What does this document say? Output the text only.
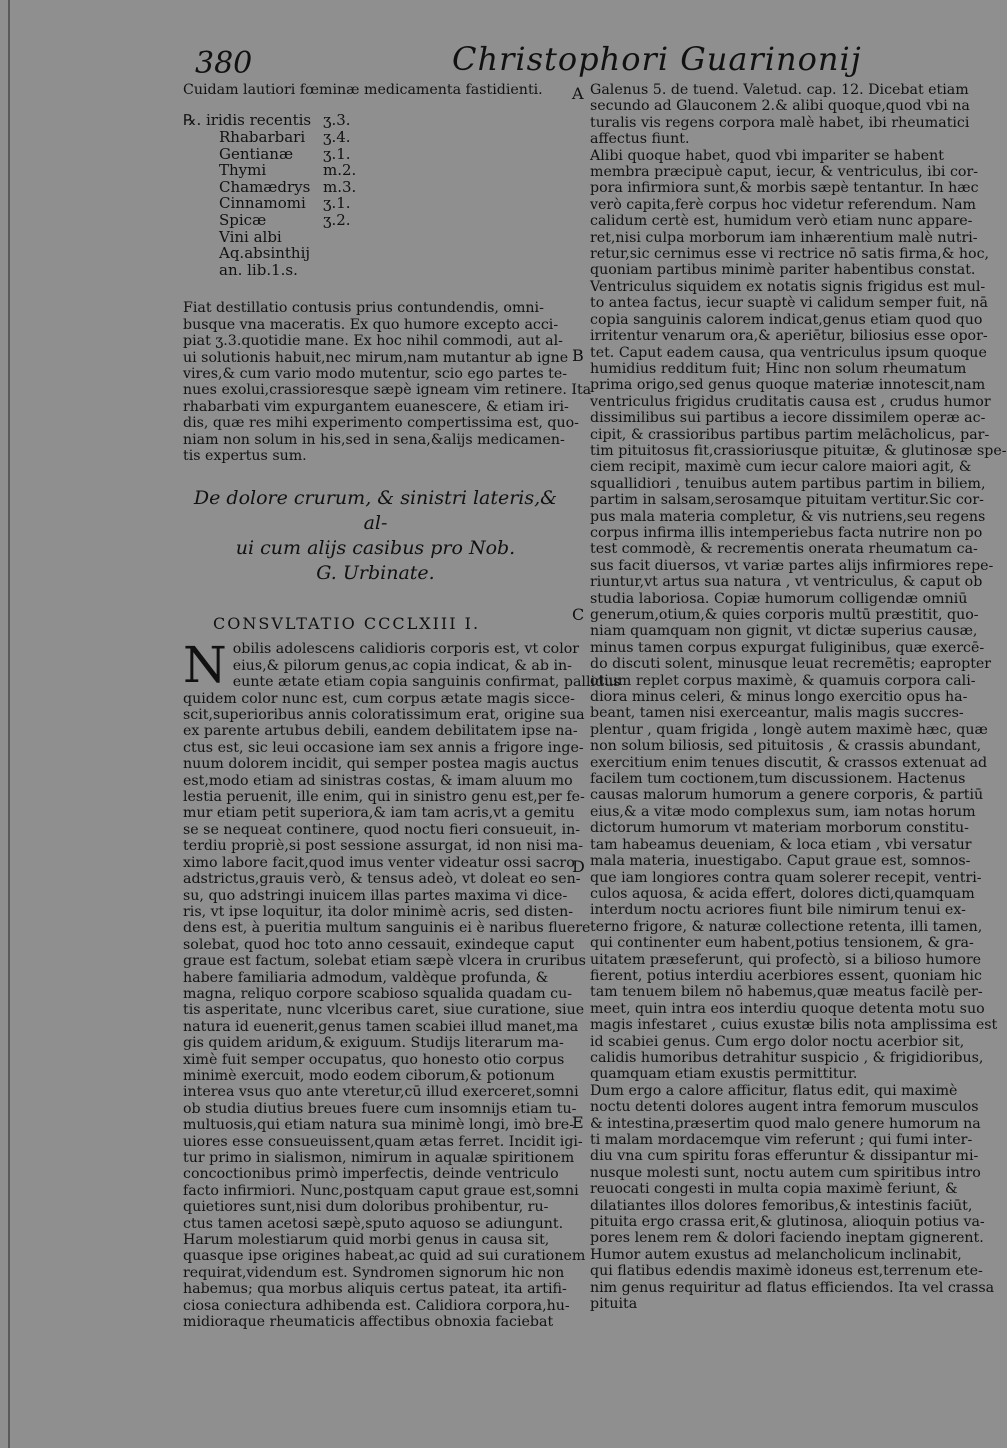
380	Christophori Guarinonij
A
B
C
D
E

Cuidam lautiori fœminæ medicamenta fastidienti.

℞. iridis recentis ʒ.3.
Rhabarbari	ʒ.4.
Gentianæ	ʒ.1.
Thymi	m.2.
Chamædrys m.3.
Cinnamomi	ʒ.1.
Spicæ	ʒ.2.
Vini albi
Aq.absinthij an. lib.1.s.

Fiat destillatio contusis prius contundendis, omni-

busque vna maceratis. Ex quo humore excepto acci-

piat ʒ.3.quotidie mane. Ex hoc nihil commodi, aut al-

ui solutionis habuit,nec mirum,nam mutantur ab igne

vires,& cum vario modo mutentur, scio ego partes te-

nues exolui,crassioresque sæpè igneam vim retinere. Ita

rhabarbati vim expurgantem euanescere, & etiam iri-

dis, quæ res mihi experimento compertissima est, quo-

niam non solum in his,sed in sena,&alijs medicamen-

tis expertus sum.

De dolore crurum, & sinistri lateris,& al-
ui cum alijs casibus pro Nob.
G. Urbinate.
CONSVLTATIO CCCLXIII I.
N obilis adolescens calidioris corporis est, vt color

eius,& pilorum genus,ac copia indicat, & ab in-

eunte ætate etiam copia sanguinis confirmat, pallidus

quidem color nunc est, cum corpus ætate magis sicce-

scit,superioribus annis coloratissimum erat, origine sua

ex parente artubus debili, eandem debilitatem ipse na-

ctus est, sic leui occasione iam sex annis a frigore inge-

nuum dolorem incidit, qui semper postea magis auctus

est,modo etiam ad sinistras costas, & imam aluum mo

lestia peruenit, ille enim, qui in sinistro genu est,per fe-

mur etiam petit superiora,& iam tam acris,vt a gemitu

se se nequeat continere, quod noctu fieri consueuit, in-

terdiu propriè,si post sessione assurgat, id non nisi ma-

ximo labore facit,quod imus venter videatur ossi sacro

adstrictus,grauis verò, & tensus adeò, vt doleat eo sen-

su, quo adstringi inuicem illas partes maxima vi dice-

ris, vt ipse loquitur, ita dolor minimè acris, sed disten-

dens est, à pueritia multum sanguinis ei è naribus fluere

solebat, quod hoc toto anno cessauit, exindeque caput

graue est factum, solebat etiam sæpè vlcera in cruribus

habere familiaria admodum, valdèque profunda, &

magna, reliquo corpore scabioso squalida quadam cu-

tis asperitate, nunc vlceribus caret, siue curatione, siue

natura id euenerit,genus tamen scabiei illud manet,ma

gis quidem aridum,& exiguum. Studijs literarum ma-

ximè fuit semper occupatus, quo honesto otio corpus

minimè exercuit, modo eodem ciborum,& potionum

interea vsus quo ante vteretur,cū illud exerceret,somni

ob studia diutius breues fuere cum insomnijs etiam tu-

multuosis,qui etiam natura sua minimè longi, imò bre-

uiores esse consueuissent,quam ætas ferret. Incidit igi-

tur primo in sialismon, nimirum in aqualæ spiritionem

concoctionibus primò imperfectis, deinde ventriculo

facto infirmiori. Nunc,postquam caput graue est,somni

quietiores sunt,nisi dum doloribus prohibentur, ru-

ctus tamen acetosi sæpè,sputo aquoso se adiungunt.

Harum molestiarum quid morbi genus in causa sit,

quasque ipse origines habeat,ac quid ad sui curationem

requirat,videndum est. Syndromen signorum hic non

habemus; qua morbus aliquis certus pateat, ita artifi-

ciosa coniectura adhibenda est. Calidiora corpora,hu-

midioraque rheumaticis affectibus obnoxia faciebat

Galenus 5. de tuend. Valetud. cap. 12. Dicebat etiam

secundo ad Glauconem 2.& alibi quoque,quod vbi na

turalis vis regens corpora malè habet, ibi rheumatici

affectus fiunt.

Alibi quoque habet, quod vbi impariter se habent

membra præcipuè caput, iecur, & ventriculus, ibi cor-

pora infirmiora sunt,& morbis sæpè tentantur. In hæc

verò capita,ferè corpus hoc videtur referendum. Nam

calidum certè est, humidum verò etiam nunc appare-

ret,nisi culpa morborum iam inhærentium malè nutri-

retur,sic cernimus esse vi rectrice nō satis firma,& hoc,

quoniam partibus minimè pariter habentibus constat.

Ventriculus siquidem ex notatis signis frigidus est mul-

to antea factus, iecur suaptè vi calidum semper fuit, nā

copia sanguinis calorem indicat,genus etiam quod quo

irritentur venarum ora,& aperiētur, biliosius esse opor-

tet. Caput eadem causa, qua ventriculus ipsum quoque

humidius redditum fuit; Hinc non solum rheumatum

prima origo,sed genus quoque materiæ innotescit,nam

ventriculus frigidus cruditatis causa est , crudus humor

dissimilibus sui partibus a iecore dissimilem operæ ac-

cipit, & crassioribus partibus partim melācholicus, par-

tim pituitosus fit,crassioriusque pituitæ, & glutinosæ spe-

ciem recipit, maximè cum iecur calore maiori agit, &

squallidiori , tenuibus autem partibus partim in biliem,

partim in salsam,serosamque pituitam vertitur.Sic cor-

pus mala materia completur, & vis nutriens,seu regens

corpus infirma illis intemperiebus facta nutrire non po

test commodè, & recrementis onerata rheumatum ca-

sus facit diuersos, vt variæ partes alijs infirmiores repe-

riuntur,vt artus sua natura , vt ventriculus, & caput ob

studia laboriosa. Copiæ humorum colligendæ omniū

generum,otium,& quies corporis multū præstitit, quo-

niam quamquam non gignit, vt dictæ superius causæ,

minus tamen corpus expurgat fuliginibus, quæ exercē-

do discuti solent, minusque leuat recremētis; eapropter

otium replet corpus maximè, & quamuis corpora cali-

diora minus celeri, & minus longo exercitio opus ha-

beant, tamen nisi exerceantur, malis magis succres-

plentur , quam frigida , longè autem maximè hæc, quæ

non solum biliosis, sed pituitosis , & crassis abundant,

exercitium enim tenues discutit, & crassos extenuat ad

facilem tum coctionem,tum discussionem. Hactenus

causas malorum humorum a genere corporis, & partiū

eius,& a vitæ modo complexus sum, iam notas horum

dictorum humorum vt materiam morborum constitu-

tam habeamus deueniam, & loca etiam , vbi versatur

mala materia, inuestigabo. Caput graue est, somnos-

que iam longiores contra quam solerer recepit, ventri-

culos aquosa, & acida effert, dolores dicti,quamquam

interdum noctu acriores fiunt bile nimirum tenui ex-

terno frigore, & naturæ collectione retenta, illi tamen,

qui continenter eum habent,potius tensionem, & gra-

uitatem præseferunt, qui profectò, si a bilioso humore

fierent, potius interdiu acerbiores essent, quoniam hic

tam tenuem bilem nō habemus,quæ meatus facilè per-

meet, quin intra eos interdiu quoque detenta motu suo

magis infestaret , cuius exustæ bilis nota amplissima est

id scabiei genus. Cum ergo dolor noctu acerbior sit,

calidis humoribus detrahitur suspicio , & frigidioribus,

quamquam etiam exustis permittitur.

Dum ergo a calore afficitur, flatus edit, qui maximè

noctu detenti dolores augent intra femorum musculos

& intestina,præsertim quod malo genere humorum na

ti malam mordacemque vim referunt ; qui fumi inter-

diu vna cum spiritu foras efferuntur & dissipantur mi-

nusque molesti sunt, noctu autem cum spiritibus intro

reuocati congesti in multa copia maximè feriunt, &

dilatiantes illos dolores femoribus,& intestinis faciūt,

pituita ergo crassa erit,& glutinosa, alioquin potius va-

pores lenem rem & dolori faciendo ineptam gignerent.

Humor autem exustus ad melancholicum inclinabit,

qui flatibus edendis maximè idoneus est,terrenum ete-

nim genus requiritur ad flatus efficiendos. Ita vel crassa

pituita
